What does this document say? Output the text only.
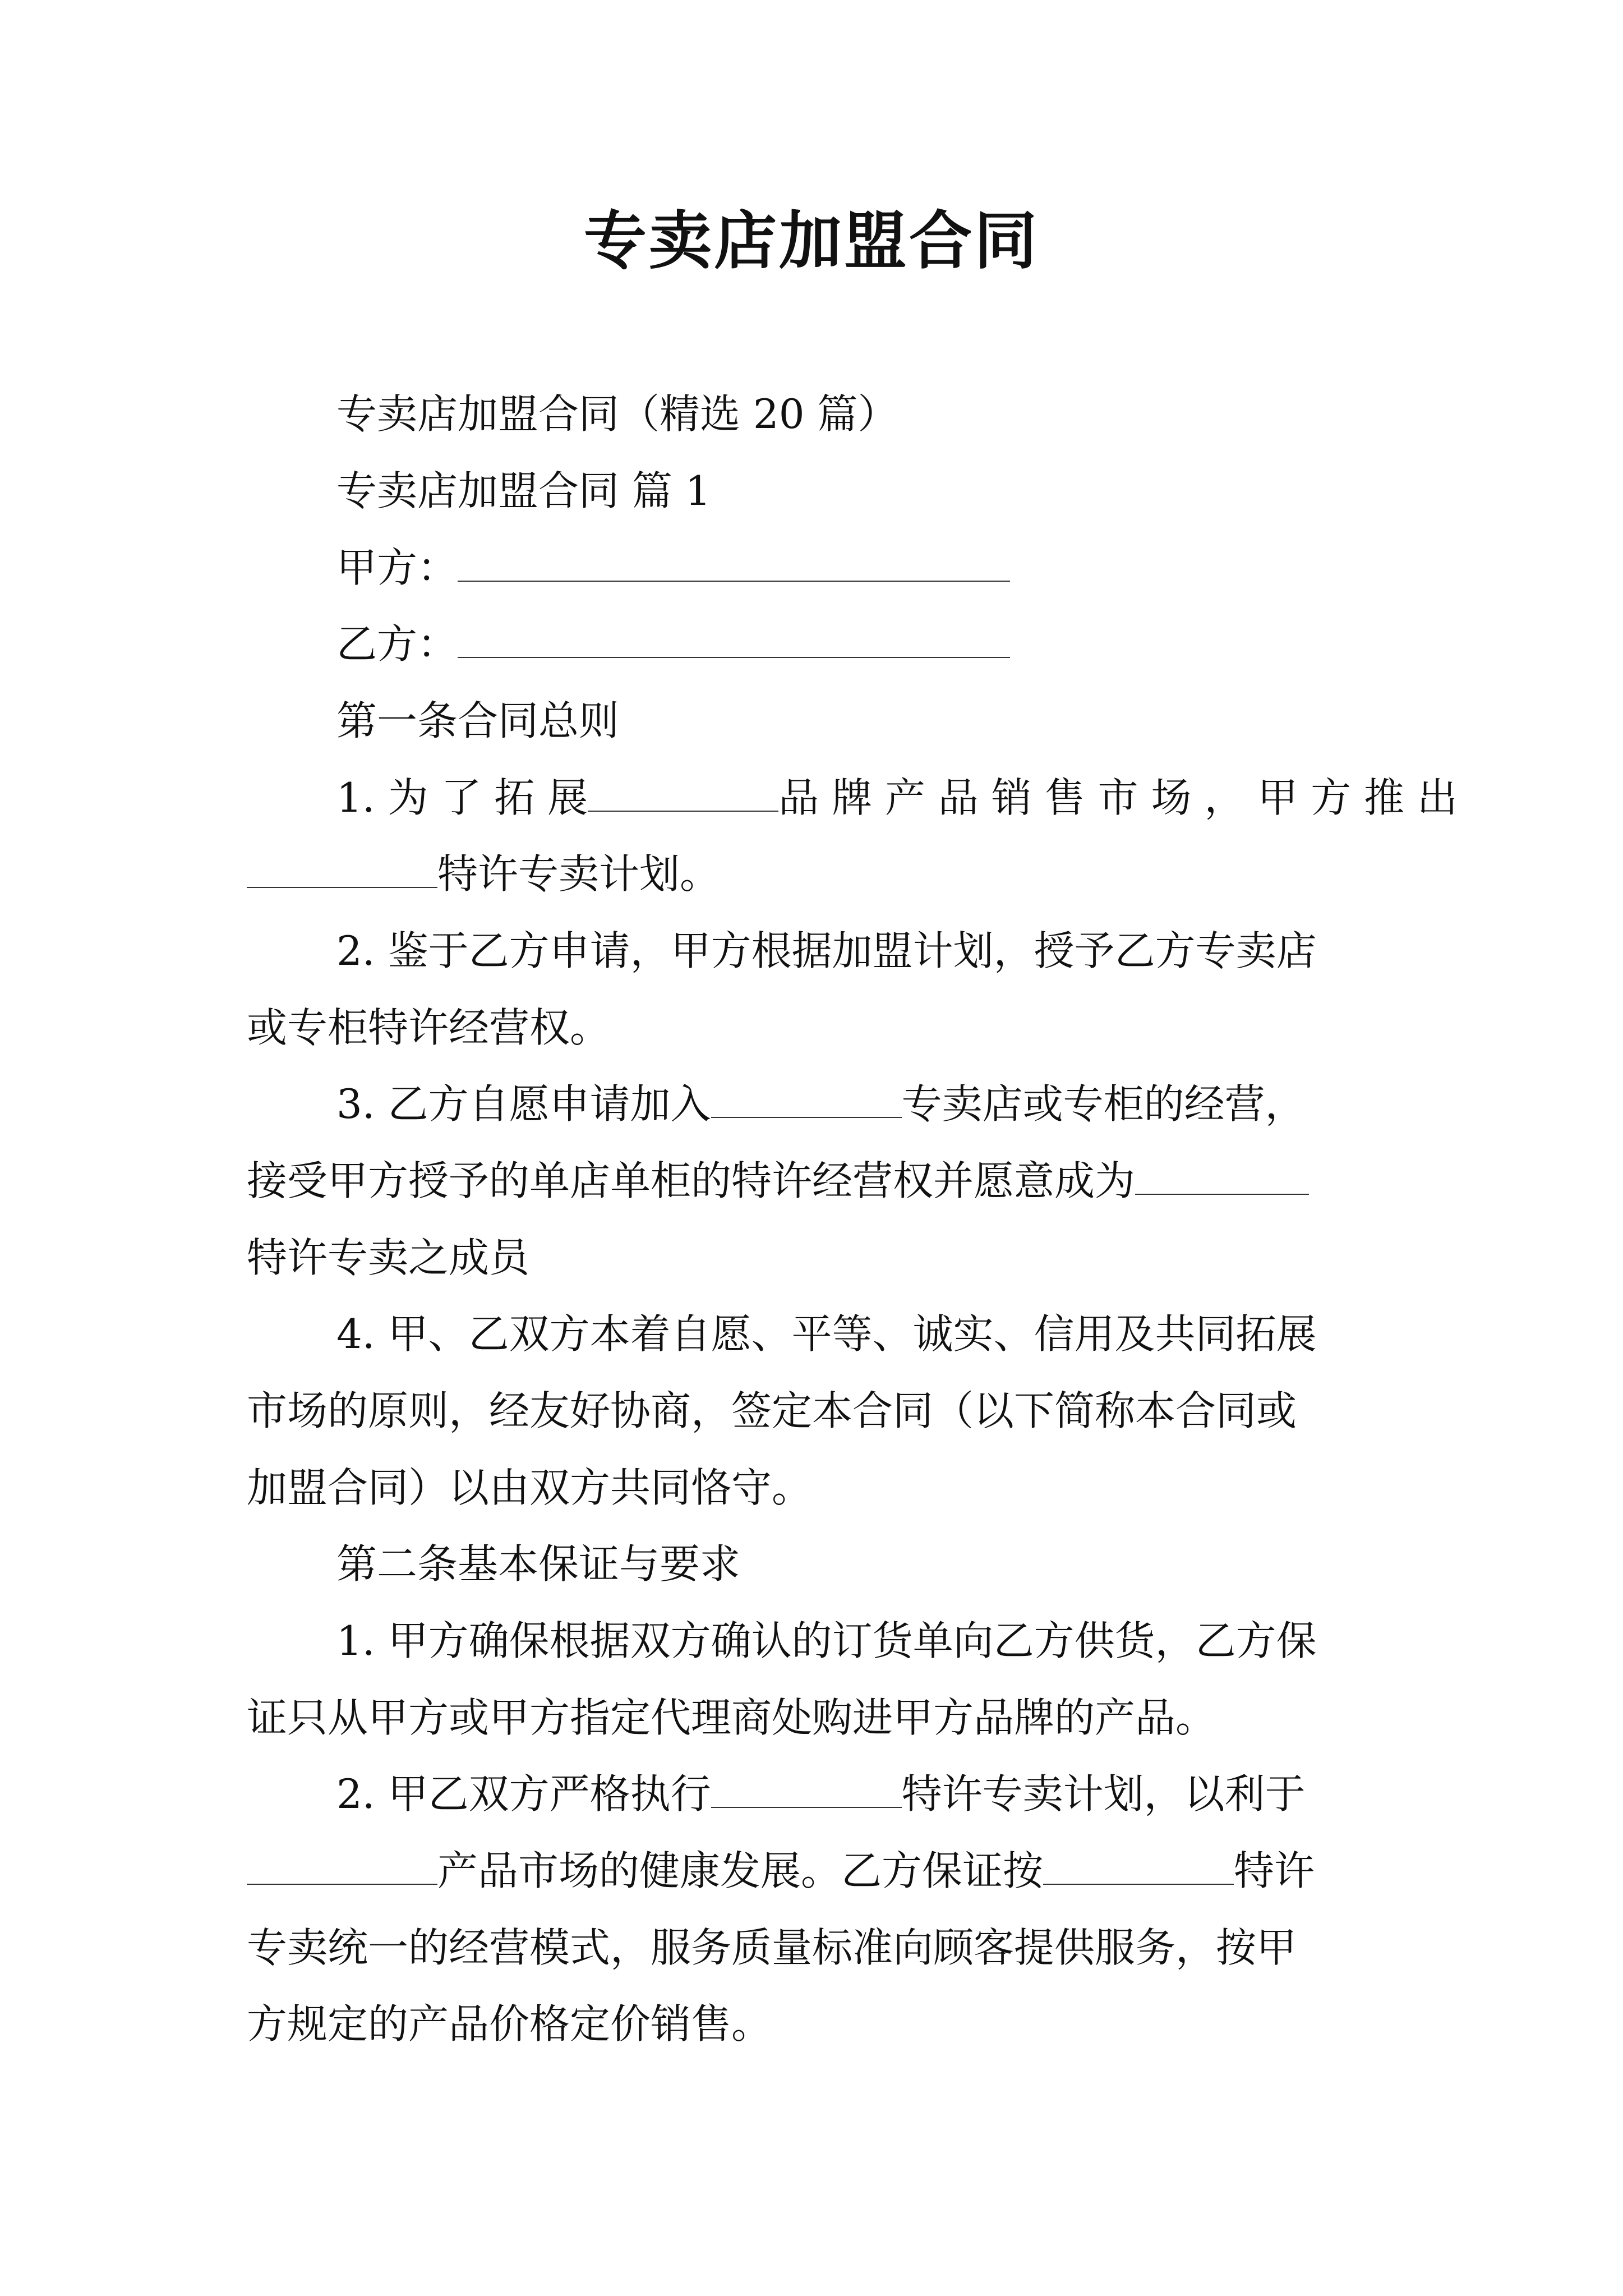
专卖店加盟合同
专卖店加盟合同（精选 20 篇）
专卖店加盟合同 篇 1
甲方：
乙方：
第一条合同总则
1. 为 了 拓 展	品 牌 产 品 销 售 市 场 ， 甲 方 推 出
特许专卖计划。
2. 鉴于乙方申请，甲方根据加盟计划，授予乙方专卖店
或专柜特许经营权。
3. 乙方自愿申请加入	专卖店或专柜的经营，
接受甲方授予的单店单柜的特许经营权并愿意成为
特许专卖之成员
4. 甲、乙双方本着自愿、平等、诚实、信用及共同拓展
市场的原则，经友好协商，签定本合同（以下简称本合同或
加盟合同）以由双方共同恪守。
第二条基本保证与要求
1. 甲方确保根据双方确认的订货单向乙方供货，乙方保
证只从甲方或甲方指定代理商处购进甲方品牌的产品。
2. 甲乙双方严格执行	特许专卖计划，以利于
产品市场的健康发展。乙方保证按	特许
专卖统一的经营模式，服务质量标准向顾客提供服务，按甲
方规定的产品价格定价销售。
